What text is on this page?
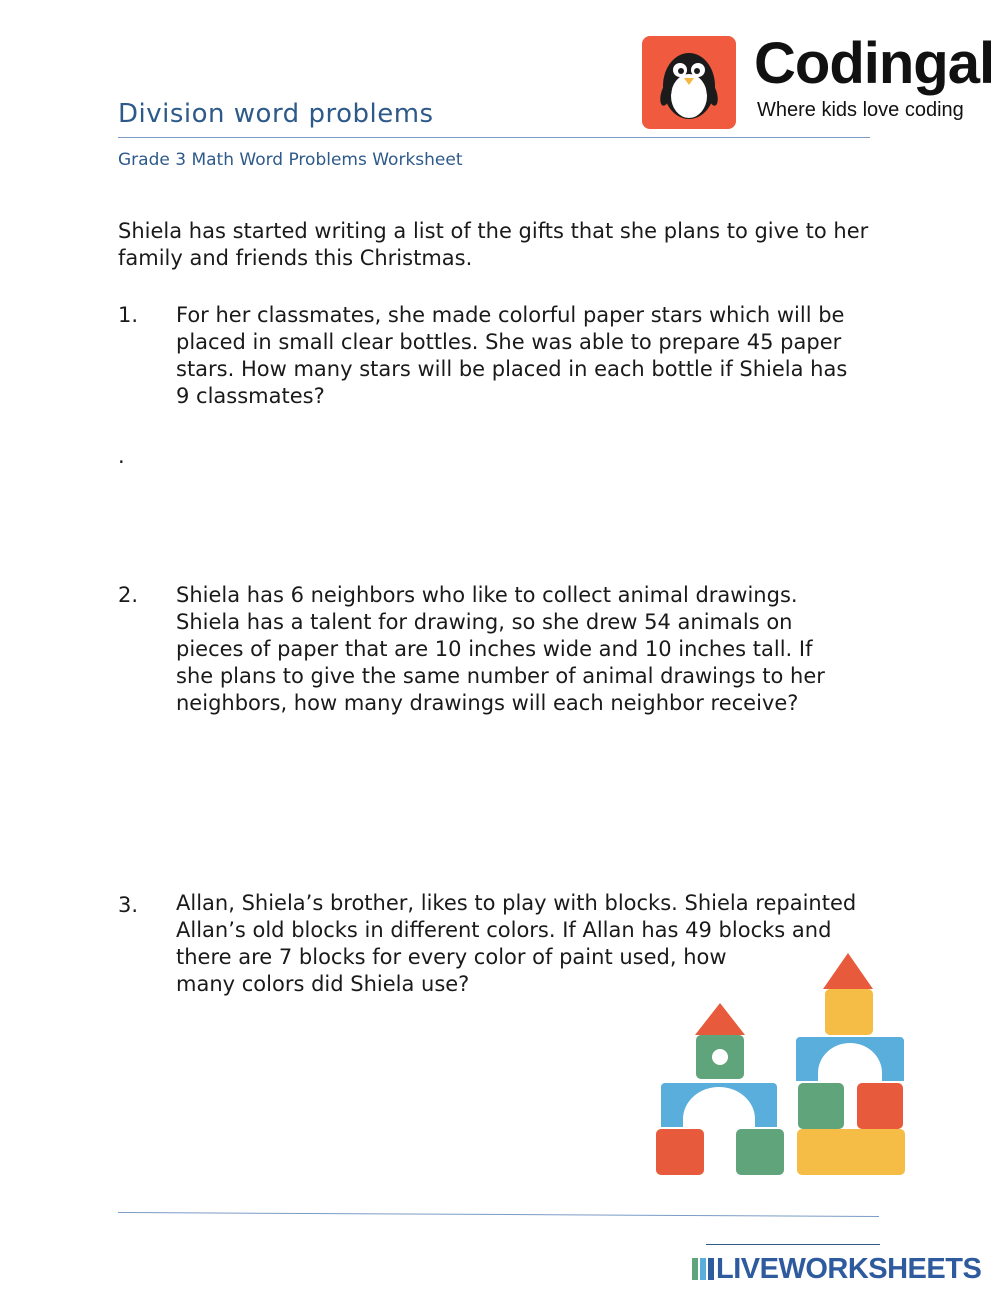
Division word problems
Grade 3 Math Word Problems Worksheet
Codingal
Where kids love coding
Shiela has started writing a list of the gifts that she plans to give to her family and friends this Christmas.
1. For her classmates, she made colorful paper stars which will be
placed in small clear bottles. She was able to prepare 45 paper
stars. How many stars will be placed in each bottle if Shiela has
9 classmates?
.
2. Shiela has 6 neighbors who like to collect animal drawings.
Shiela has a talent for drawing, so she drew 54 animals on
pieces of paper that are 10 inches wide and 10 inches tall. If
she plans to give the same number of animal drawings to her
neighbors, how many drawings will each neighbor receive?
3. Allan, Shiela’s brother, likes to play with blocks. Shiela repainted
Allan’s old blocks in different colors. If Allan has 49 blocks and
there are 7 blocks for every color of paint used, how
many colors did Shiela use?
LIVEWORKSHEETS
